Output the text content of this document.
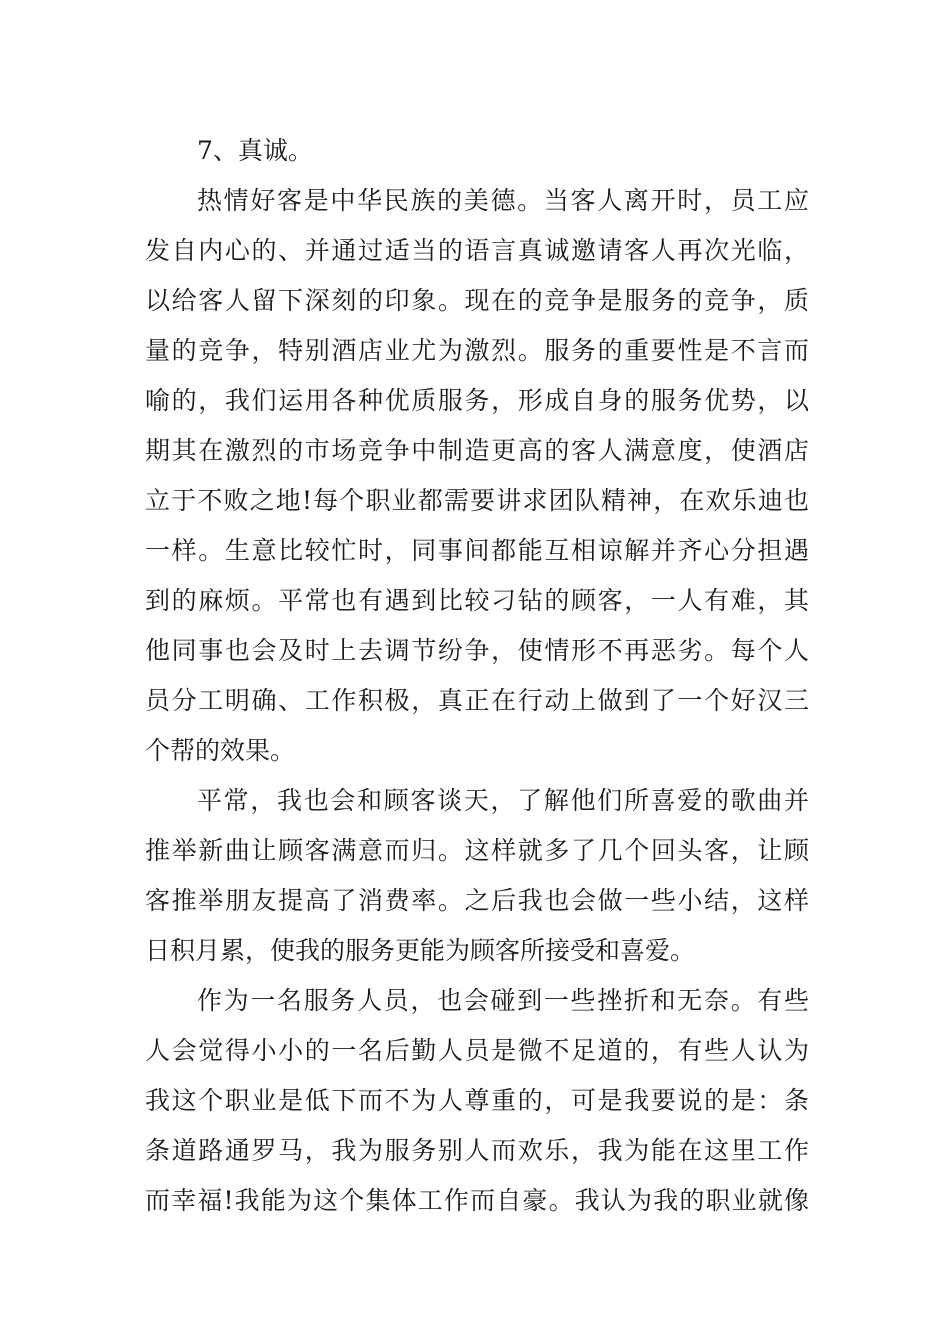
7、真诚。
热情好客是中华民族的美德。当客人离开时，员工应
发自内心的、并通过适当的语言真诚邀请客人再次光临，
以给客人留下深刻的印象。现在的竞争是服务的竞争，质
量的竞争，特别酒店业尤为激烈。服务的重要性是不言而
喻的，我们运用各种优质服务，形成自身的服务优势，以
期其在激烈的市场竞争中制造更高的客人满意度，使酒店
立于不败之地!每个职业都需要讲求团队精神，在欢乐迪也
一样。生意比较忙时，同事间都能互相谅解并齐心分担遇
到的麻烦。平常也有遇到比较刁钻的顾客，一人有难，其
他同事也会及时上去调节纷争，使情形不再恶劣。每个人
员分工明确、工作积极，真正在行动上做到了一个好汉三
个帮的效果。
平常，我也会和顾客谈天，了解他们所喜爱的歌曲并
推举新曲让顾客满意而归。这样就多了几个回头客，让顾
客推举朋友提高了消费率。之后我也会做一些小结，这样
日积月累，使我的服务更能为顾客所接受和喜爱。
作为一名服务人员，也会碰到一些挫折和无奈。有些
人会觉得小小的一名后勤人员是微不足道的，有些人认为
我这个职业是低下而不为人尊重的，可是我要说的是：条
条道路通罗马，我为服务别人而欢乐，我为能在这里工作
而幸福!我能为这个集体工作而自豪。我认为我的职业就像
